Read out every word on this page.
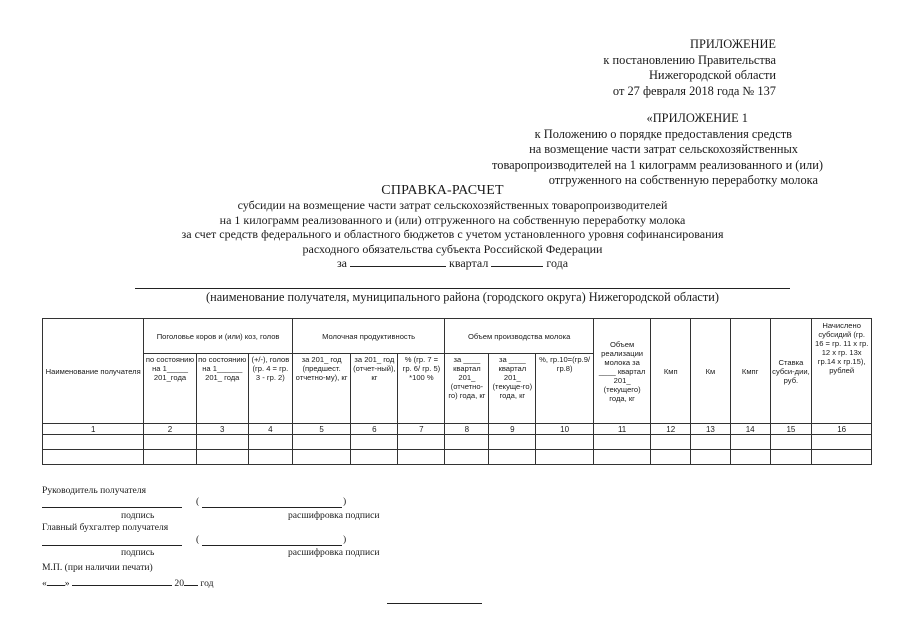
ПРИЛОЖЕНИЕ
к постановлению Правительства
Нижегородской области
от 27 февраля 2018 года № 137
«ПРИЛОЖЕНИЕ 1
к Положению о порядке предоставления средств
на возмещение части затрат сельскохозяйственных
товаропроизводителей на 1 килограмм реализованного и (или)
отгруженного на собственную переработку молока
СПРАВКА-РАСЧЕТ
субсидии на возмещение части затрат сельскохозяйственных товаропроизводителей
на 1 килограмм реализованного и (или) отгруженного на собственную переработку молока
за счет средств федерального и областного бюджетов с учетом установленного уровня софинансирования
расходного обязательства субъекта Российской Федерации
за	квартал	года
(наименование получателя, муниципального района (городского округа) Нижегородской области)
Наименование получателя	Поголовье коров и (или) коз, голов			Молочная продуктивность			Объем производства молока			Объем реализации молока за ____ квартал 201_ (текущего) года, кг	Кмп	Км	Кмпг	Ставка субси-дии, руб.	Начислено субсидий (гр. 16 = гр. 11 х гр. 12 х гр. 13х гр.14 х гр.15), рублей
	по состоянию на 1_____ 201_года	по состоянию на 1______ 201_ года	(+/-), голов (гр. 4 = гр. 3 - гр. 2)	за 201_ год (предшест. отчетно-му), кг	за 201_ год (отчет-ный), кг	% (гр. 7 = гр. 6/ гр. 5) *100 %	за ____ квартал 201_ (отчетно-го) года, кг	за ____ квартал 201_ (текуще-го) года, кг	%, гр.10=(гр.9/ гр.8)						
1	2	3	4	5	6	7	8	9	10	11	12	13	14	15	16

Руководитель получателя
(	)
подпись	расшифровка подписи
Главный бухгалтер получателя
(	)
подпись	расшифровка подписи
М.П. (при наличии печати)
« »	20 год
